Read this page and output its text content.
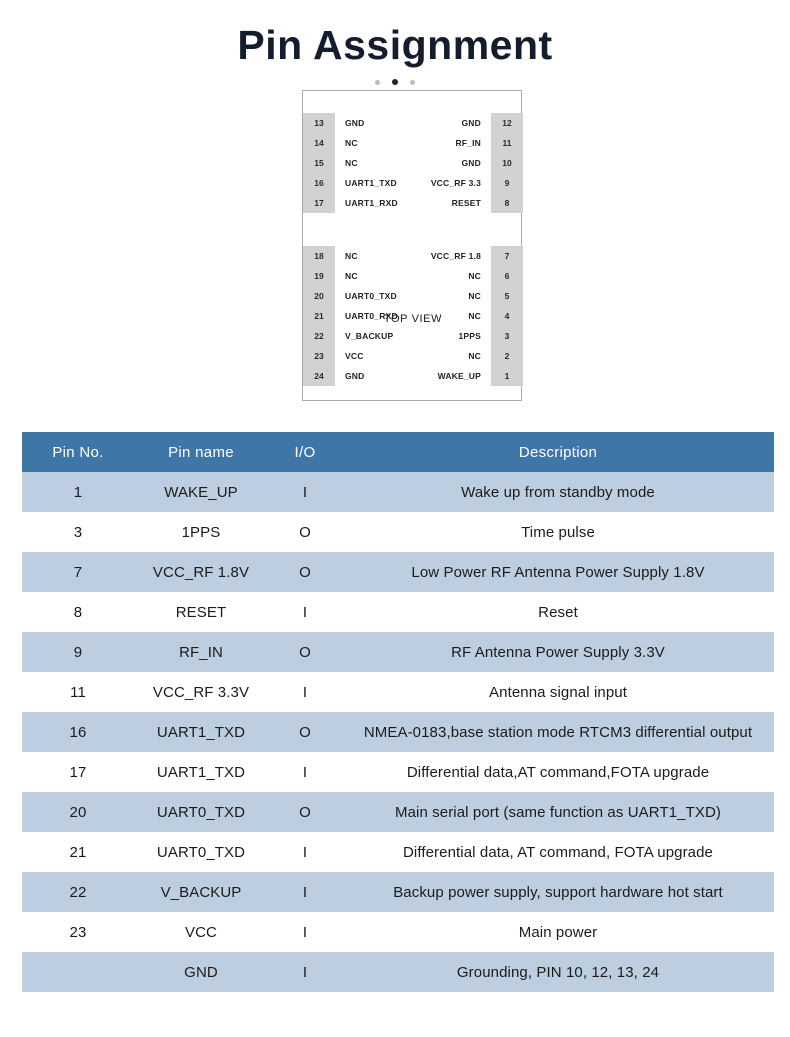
Pin Assignment
13	GND	GND	12
14	NC	RF_IN	11
15	NC	GND	10
16	UART1_TXD	VCC_RF 3.3	9
17	UART1_RXD	RESET	8
18	NC	VCC_RF 1.8	7
19	NC	NC	6
20	UART0_TXD	NC	5
21	UART0_RXD	NC	4
22	V_BACKUP	1PPS	3
23	VCC	NC	2
24	GND	WAKE_UP	1
TOP VIEW
Pin No.	Pin name	I/O	Description
1	WAKE_UP	I	Wake up from standby mode
3	1PPS	O	Time pulse
7	VCC_RF 1.8V	O	Low Power RF Antenna Power Supply 1.8V
8	RESET	I	Reset
9	RF_IN	O	RF Antenna Power Supply 3.3V
11	VCC_RF 3.3V	I	Antenna signal input
16	UART1_TXD	O	NMEA-0183,base station mode RTCM3 differential output
17	UART1_TXD	I	Differential data,AT command,FOTA upgrade
20	UART0_TXD	O	Main serial port (same function as UART1_TXD)
21	UART0_TXD	I	Differential data, AT command, FOTA upgrade
22	V_BACKUP	I	Backup power supply, support hardware hot start
23	VCC	I	Main power
	GND	I	Grounding, PIN 10, 12, 13, 24
